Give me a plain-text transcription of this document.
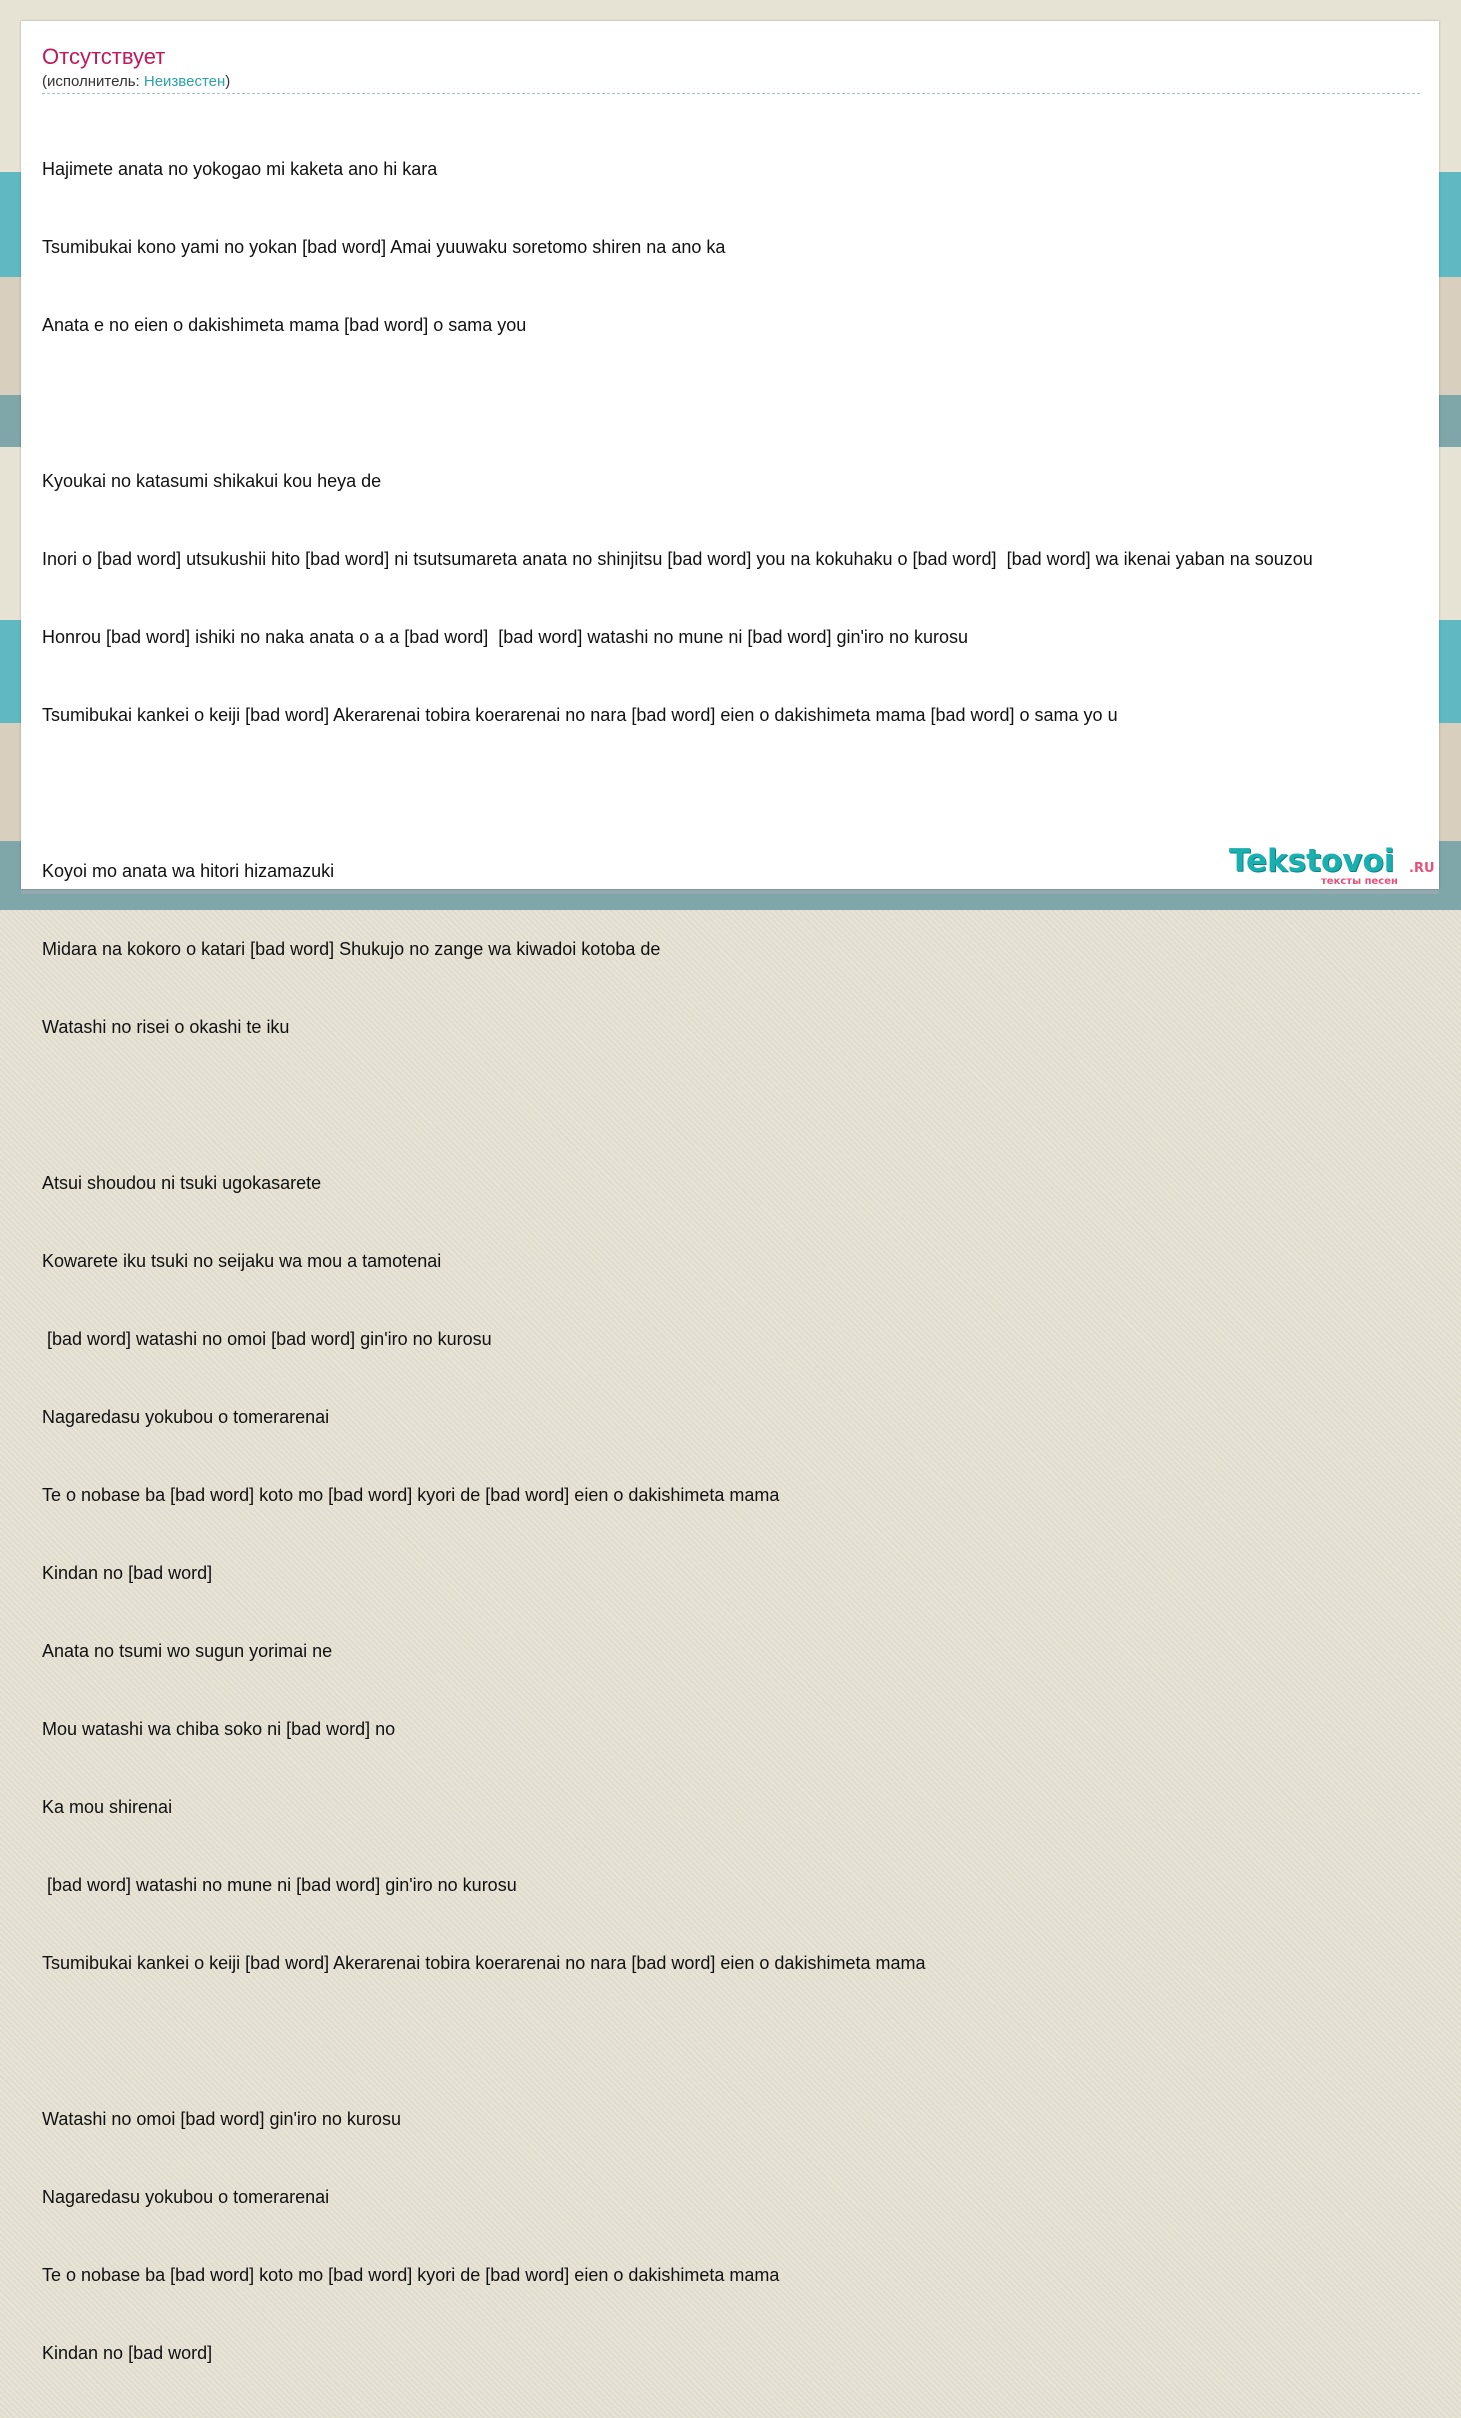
Отсутствует
(исполнитель: Неизвестен)

Hajimete anata no yokogao mi kaketa ano hi kara

Tsumibukai kono yami no yokan [bad word] Amai yuuwaku soretomo shiren na ano ka

Anata e no eien o dakishimeta mama [bad word] o sama you

Kyoukai no katasumi shikakui kou heya de

Inori o [bad word] utsukushii hito [bad word] ni tsutsumareta anata no shinjitsu [bad word] you na kokuhaku o [bad word]  [bad word] wa ikenai yaban na souzou

Honrou [bad word] ishiki no naka anata o a a [bad word]  [bad word] watashi no mune ni [bad word] gin'iro no kurosu

Tsumibukai kankei o keiji [bad word] Akerarenai tobira koerarenai no nara [bad word] eien o dakishimeta mama [bad word] o sama yo u

Koyoi mo anata wa hitori hizamazuki

Midara na kokoro o katari [bad word] Shukujo no zange wa kiwadoi kotoba de

Watashi no risei o okashi te iku

Atsui shoudou ni tsuki ugokasarete

Kowarete iku tsuki no seijaku wa mou a tamotenai

[bad word] watashi no omoi [bad word] gin'iro no kurosu

Nagaredasu yokubou o tomerarenai

Te o nobase ba [bad word] koto mo [bad word] kyori de [bad word] eien o dakishimeta mama

Kindan no [bad word]

Anata no tsumi wo sugun yorimai ne

Mou watashi wa chiba soko ni [bad word] no

Ka mou shirenai

[bad word] watashi no mune ni [bad word] gin'iro no kurosu

Tsumibukai kankei o keiji [bad word] Akerarenai tobira koerarenai no nara [bad word] eien o dakishimeta mama

Watashi no omoi [bad word] gin'iro no kurosu

Nagaredasu yokubou o tomerarenai

Te o nobase ba [bad word] koto mo [bad word] kyori de [bad word] eien o dakishimeta mama

Kindan no [bad word]

Tekstovoi .RU
тексты песен
